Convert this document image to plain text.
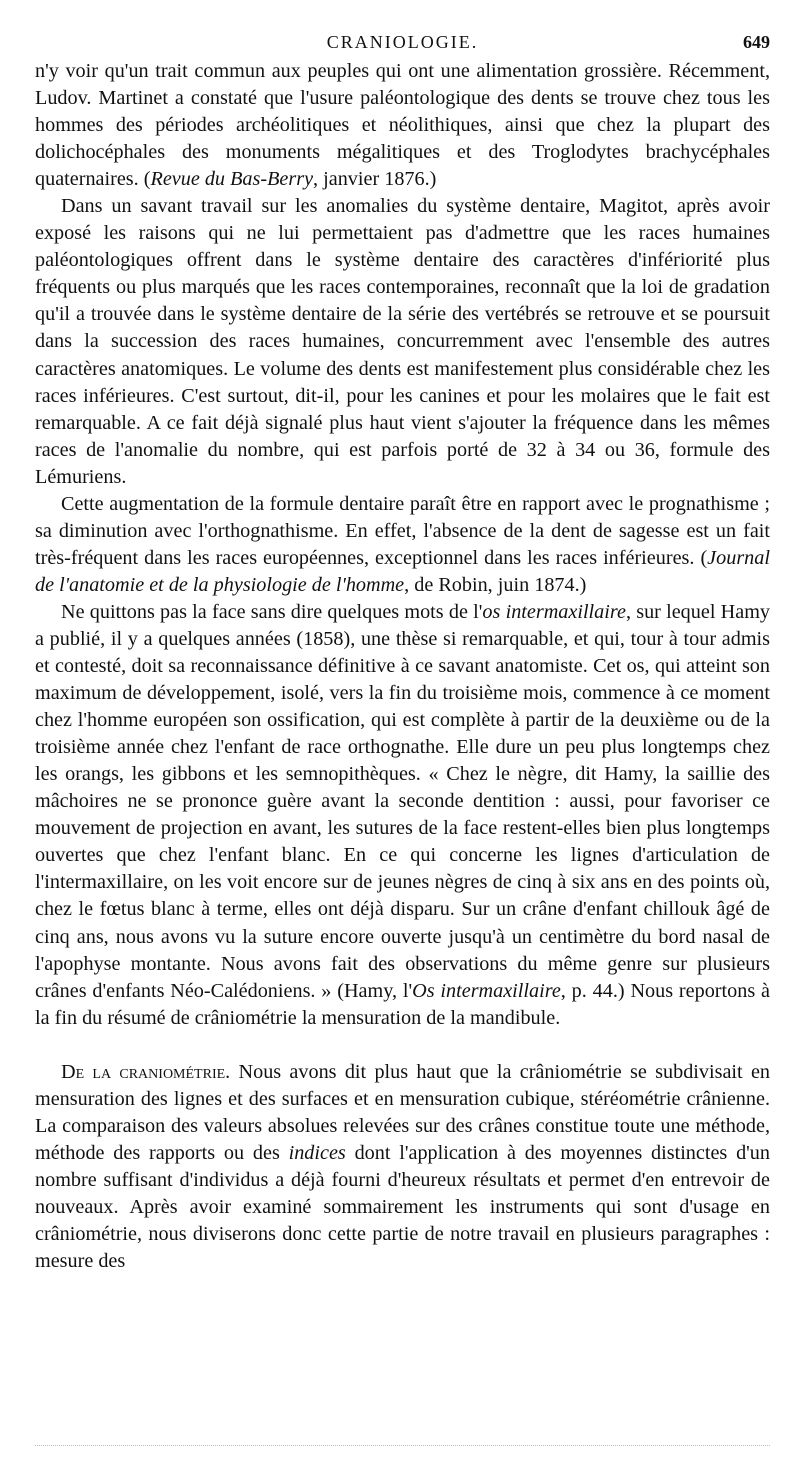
CRANIOLOGIE.	649

n'y voir qu'un trait commun aux peuples qui ont une alimentation grossière. Récemment, Ludov. Martinet a constaté que l'usure paléontologique des dents se trouve chez tous les hommes des périodes archéolitiques et néolithiques, ainsi que chez la plupart des dolichocéphales des monuments mégalitiques et des Troglodytes brachycéphales quaternaires. (Revue du Bas-Berry, janvier 1876.)

Dans un savant travail sur les anomalies du système dentaire, Magitot, après avoir exposé les raisons qui ne lui permettaient pas d'admettre que les races humaines paléontologiques offrent dans le système dentaire des caractères d'infériorité plus fréquents ou plus marqués que les races contemporaines, reconnaît que la loi de gradation qu'il a trouvée dans le système dentaire de la série des vertébrés se retrouve et se poursuit dans la succession des races humaines, concurremment avec l'ensemble des autres caractères anatomiques. Le volume des dents est manifestement plus considérable chez les races inférieures. C'est surtout, dit-il, pour les canines et pour les molaires que le fait est remarquable. A ce fait déjà signalé plus haut vient s'ajouter la fréquence dans les mêmes races de l'anomalie du nombre, qui est parfois porté de 32 à 34 ou 36, formule des Lémuriens.

Cette augmentation de la formule dentaire paraît être en rapport avec le prognathisme ; sa diminution avec l'orthognathisme. En effet, l'absence de la dent de sagesse est un fait très-fréquent dans les races européennes, exceptionnel dans les races inférieures. (Journal de l'anatomie et de la physiologie de l'homme, de Robin, juin 1874.)

Ne quittons pas la face sans dire quelques mots de l'os intermaxillaire, sur lequel Hamy a publié, il y a quelques années (1858), une thèse si remarquable, et qui, tour à tour admis et contesté, doit sa reconnaissance définitive à ce savant anatomiste. Cet os, qui atteint son maximum de développement, isolé, vers la fin du troisième mois, commence à ce moment chez l'homme européen son ossification, qui est complète à partir de la deuxième ou de la troisième année chez l'enfant de race orthognathe. Elle dure un peu plus longtemps chez les orangs, les gibbons et les semnopithèques. « Chez le nègre, dit Hamy, la saillie des mâchoires ne se prononce guère avant la seconde dentition : aussi, pour favoriser ce mouvement de projection en avant, les sutures de la face restent-elles bien plus longtemps ouvertes que chez l'enfant blanc. En ce qui concerne les lignes d'articulation de l'intermaxillaire, on les voit encore sur de jeunes nègres de cinq à six ans en des points où, chez le fœtus blanc à terme, elles ont déjà disparu. Sur un crâne d'enfant chillouk âgé de cinq ans, nous avons vu la suture encore ouverte jusqu'à un centimètre du bord nasal de l'apophyse montante. Nous avons fait des observations du même genre sur plusieurs crânes d'enfants Néo-Calédoniens. » (Hamy, l'Os intermaxillaire, p. 44.) Nous reportons à la fin du résumé de crâniométrie la mensuration de la mandibule.

De la craniométrie. Nous avons dit plus haut que la crâniométrie se subdivisait en mensuration des lignes et des surfaces et en mensuration cubique, stéréométrie crânienne. La comparaison des valeurs absolues relevées sur des crânes constitue toute une méthode, méthode des rapports ou des indices dont l'application à des moyennes distinctes d'un nombre suffisant d'individus a déjà fourni d'heureux résultats et permet d'en entrevoir de nouveaux. Après avoir examiné sommairement les instruments qui sont d'usage en crâniométrie, nous diviserons donc cette partie de notre travail en plusieurs paragraphes : mesure des
